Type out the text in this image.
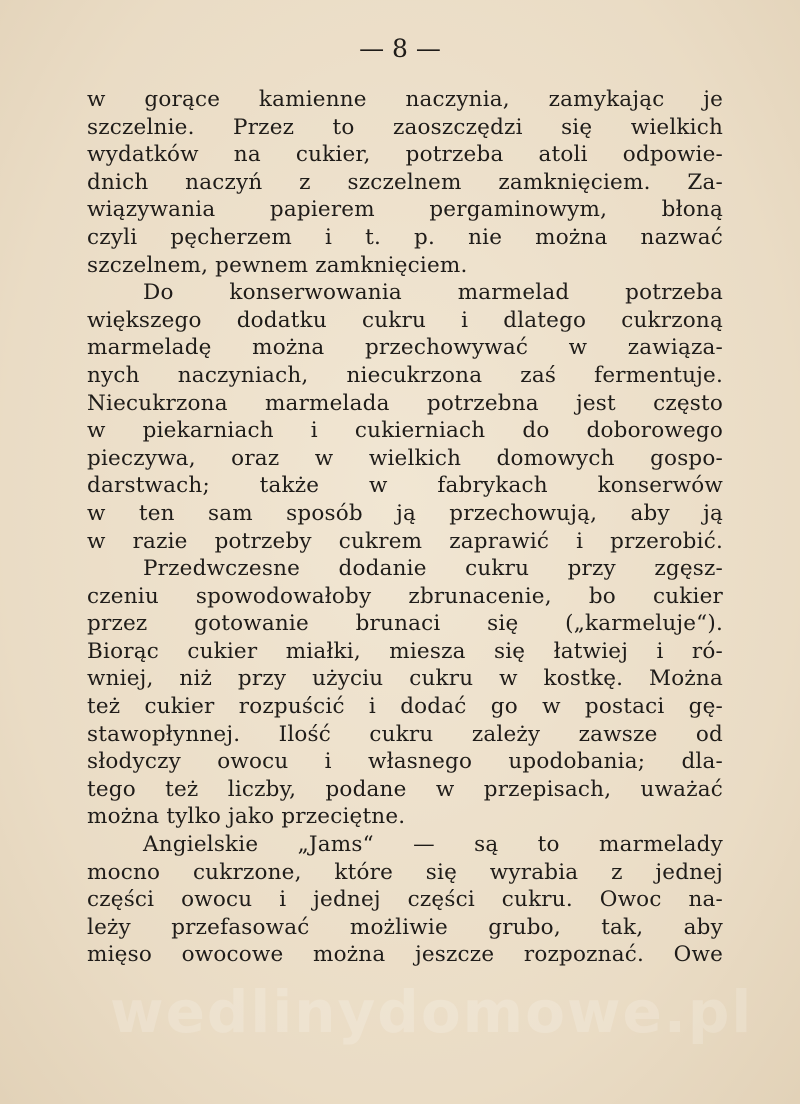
— 8 —
w gorące kamienne naczynia, zamykając je
szczelnie. Przez to zaoszczędzi się wielkich
wydatków na cukier, potrzeba atoli odpowie-
dnich naczyń z szczelnem zamknięciem. Za-
wiązywania papierem pergaminowym, błoną
czyli pęcherzem i t. p. nie można nazwać
szczelnem, pewnem zamknięciem.
Do konserwowania marmelad potrzeba
większego dodatku cukru i dlatego cukrzoną
marmeladę można przechowywać w zawiąza-
nych naczyniach, niecukrzona zaś fermentuje.
Niecukrzona marmelada potrzebna jest często
w piekarniach i cukierniach do doborowego
pieczywa, oraz w wielkich domowych gospo-
darstwach; także w fabrykach konserwów
w ten sam sposób ją przechowują, aby ją
w razie potrzeby cukrem zaprawić i przerobić.
Przedwczesne dodanie cukru przy zgęsz-
czeniu spowodowałoby zbrunacenie, bo cukier
przez gotowanie brunaci się („karmeluje“).
Biorąc cukier miałki, miesza się łatwiej i ró-
wniej, niż przy użyciu cukru w kostkę. Można
też cukier rozpuścić i dodać go w postaci gę-
stawopłynnej. Ilość cukru zależy zawsze od
słodyczy owocu i własnego upodobania; dla-
tego też liczby, podane w przepisach, uważać
można tylko jako przeciętne.
Angielskie „Jams“ — są to marmelady
mocno cukrzone, które się wyrabia z jednej
części owocu i jednej części cukru. Owoc na-
leży przefasować możliwie grubo, tak, aby
mięso owocowe można jeszcze rozpoznać. Owe
wedlinydomowe.pl
